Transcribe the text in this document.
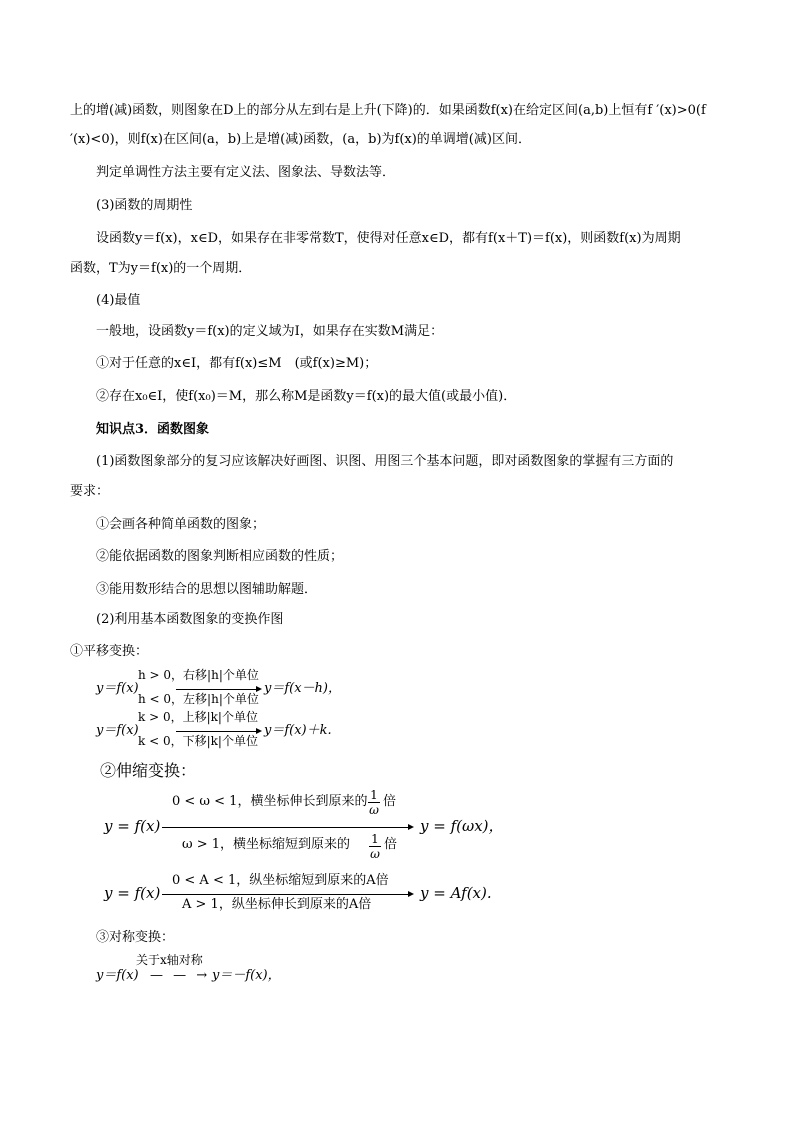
上的增(减)函数，则图象在D上的部分从左到右是上升(下降)的．如果函数f(x)在给定区间(a,b)上恒有f ′(x)>0(f
′(x)<0)，则f(x)在区间(a，b)上是增(减)函数，(a，b)为f(x)的单调增(减)区间．
判定单调性方法主要有定义法、图象法、导数法等．
(3)函数的周期性
设函数y＝f(x)，x∈D，如果存在非零常数T，使得对任意x∈D，都有f(x＋T)＝f(x)，则函数f(x)为周期
函数，T为y＝f(x)的一个周期．
(4)最值
一般地，设函数y＝f(x)的定义域为I，如果存在实数M满足：
①对于任意的x∈I，都有f(x)≤M　(或f(x)≥M)；
②存在x₀∈I，使f(x₀)＝M，那么称M是函数y＝f(x)的最大值(或最小值)．
知识点3．函数图象
(1)函数图象部分的复习应该解决好画图、识图、用图三个基本问题，即对函数图象的掌握有三方面的
要求：
①会画各种简单函数的图象；
②能依据函数的图象判断相应函数的性质；
③能用数形结合的思想以图辅助解题．
(2)利用基本函数图象的变换作图
①平移变换：
y＝f(x)
h > 0，右移|h|个单位
h < 0，左移|h|个单位
y＝f(x－h)，
y＝f(x)
k > 0，上移|k|个单位
k < 0，下移|k|个单位
y＝f(x)＋k.
②伸缩变换：
y = f(x)
0 < ω < 1，横坐标伸长到原来的 1
ω
倍
ω > 1，横坐标缩短到原来的 1
ω
倍
y = f(ωx)，
y = f(x)
0 < A < 1，纵坐标缩短到原来的A倍
A > 1，纵坐标伸长到原来的A倍
y = Af(x).
③对称变换：
关于x轴对称
y＝f(x) — — → y＝－f(x)，
